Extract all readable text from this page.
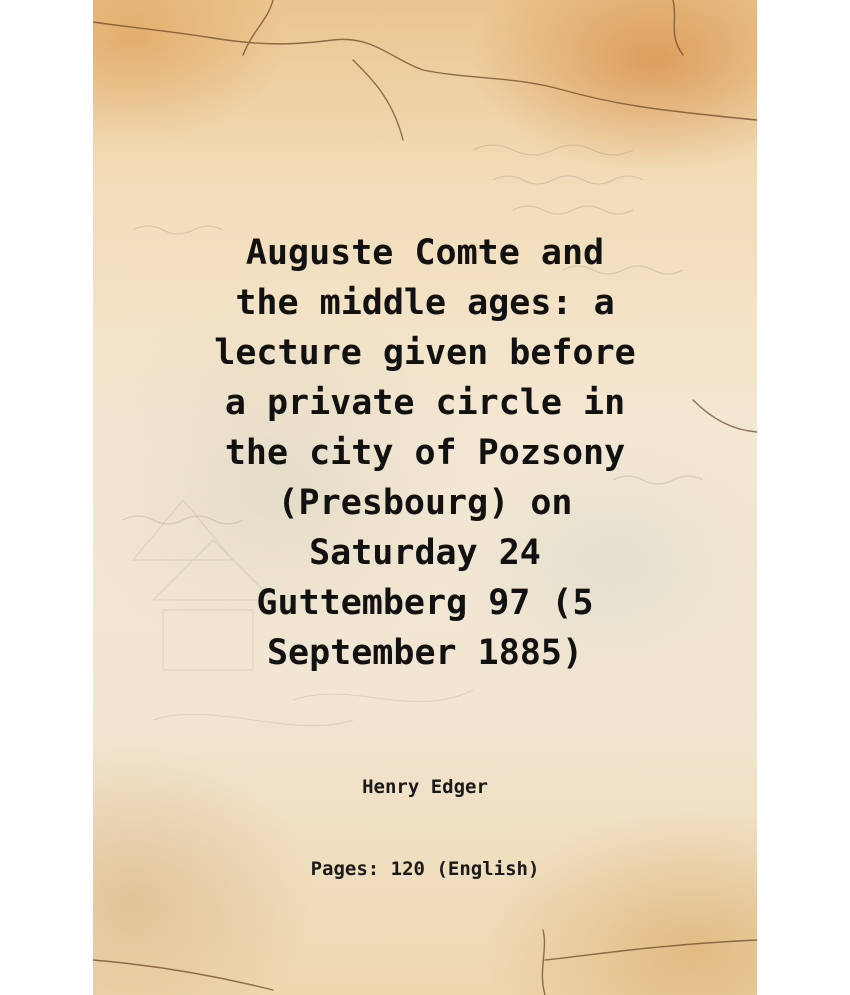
Auguste Comte and
the middle ages: a
lecture given before
a private circle in
the city of Pozsony
(Presbourg) on
Saturday 24
Guttemberg 97 (5
September 1885)
Henry Edger
Pages: 120 (English)
